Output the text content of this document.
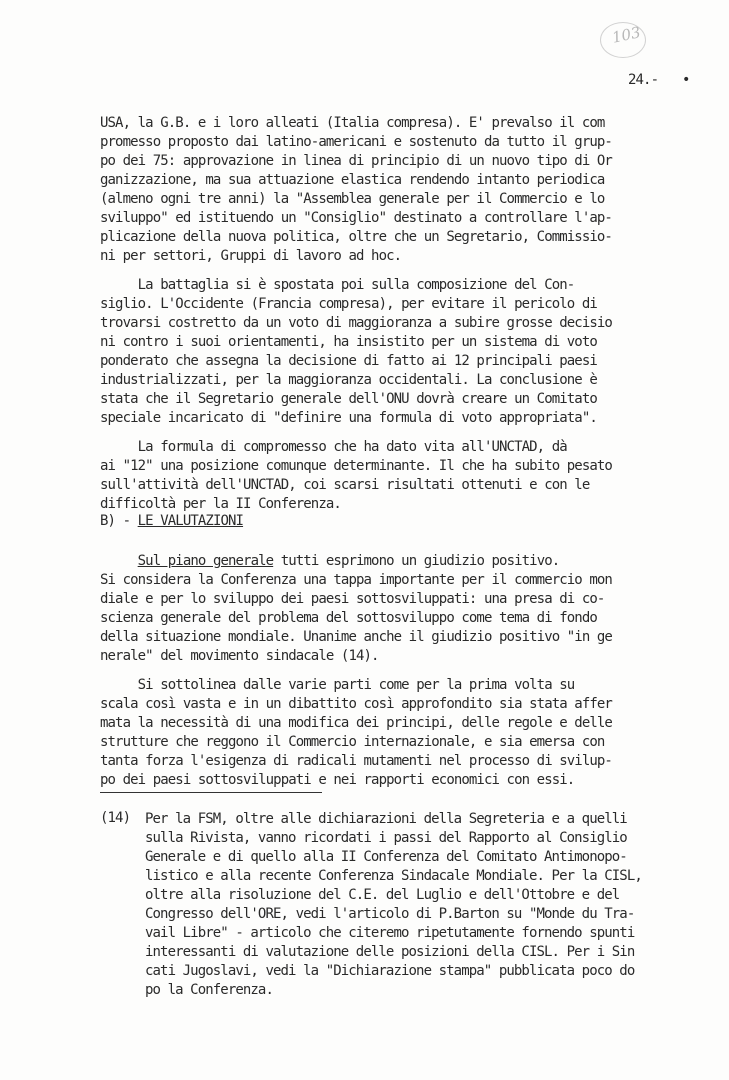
103
24.- •
USA, la G.B. e i loro alleati (Italia compresa). E' prevalso il com
promesso proposto dai latino-americani e sostenuto da tutto il grup-
po dei 75: approvazione in linea di principio di un nuovo tipo di Or
ganizzazione, ma sua attuazione elastica rendendo intanto periodica
(almeno ogni tre anni) la "Assemblea generale per il Commercio e lo
sviluppo" ed istituendo un "Consiglio" destinato a controllare l'ap-
plicazione della nuova politica, oltre che un Segretario, Commissio-
ni per settori, Gruppi di lavoro ad hoc.
La battaglia si è spostata poi sulla composizione del Con-
siglio. L'Occidente (Francia compresa), per evitare il pericolo di
trovarsi costretto da un voto di maggioranza a subire grosse decisio
ni contro i suoi orientamenti, ha insistito per un sistema di voto
ponderato che assegna la decisione di fatto ai 12 principali paesi
industrializzati, per la maggioranza occidentali. La conclusione è
stata che il Segretario generale dell'ONU dovrà creare un Comitato
speciale incaricato di "definire una formula di voto appropriata".
La formula di compromesso che ha dato vita all'UNCTAD, dà
ai "12" una posizione comunque determinante. Il che ha subito pesato
sull'attività dell'UNCTAD, coi scarsi risultati ottenuti e con le
difficoltà per la II Conferenza.
B) - LE VALUTAZIONI
Sul piano generale tutti esprimono un giudizio positivo.
Si considera la Conferenza una tappa importante per il commercio mon
diale e per lo sviluppo dei paesi sottosviluppati: una presa di co-
scienza generale del problema del sottosviluppo come tema di fondo
della situazione mondiale. Unanime anche il giudizio positivo "in ge
nerale" del movimento sindacale (14).
Si sottolinea dalle varie parti come per la prima volta su
scala così vasta e in un dibattito così approfondito sia stata affer
mata la necessità di una modifica dei principi, delle regole e delle
strutture che reggono il Commercio internazionale, e sia emersa con
tanta forza l'esigenza di radicali mutamenti nel processo di svilup-
po dei paesi sottosviluppati e nei rapporti economici con essi.
(14) Per la FSM, oltre alle dichiarazioni della Segreteria e a quelli
sulla Rivista, vanno ricordati i passi del Rapporto al Consiglio
Generale e di quello alla II Conferenza del Comitato Antimonopo-
listico e alla recente Conferenza Sindacale Mondiale. Per la CISL,
oltre alla risoluzione del C.E. del Luglio e dell'Ottobre e del
Congresso dell'ORE, vedi l'articolo di P.Barton su "Monde du Tra-
vail Libre" - articolo che citeremo ripetutamente fornendo spunti
interessanti di valutazione delle posizioni della CISL. Per i Sin
cati Jugoslavi, vedi la "Dichiarazione stampa" pubblicata poco do
po la Conferenza.
